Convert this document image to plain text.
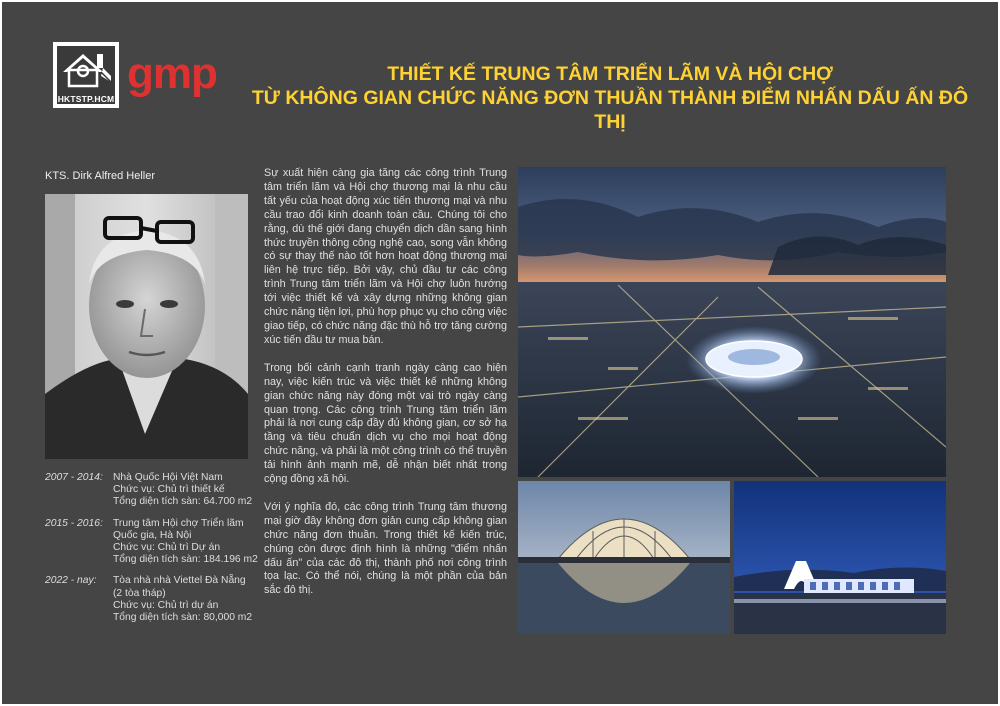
HKTSTP.HCM
gmp	THIẾT KẾ TRUNG TÂM TRIỂN LÃM VÀ HỘI CHỢ
TỪ KHÔNG GIAN CHỨC NĂNG ĐƠN THUẦN THÀNH ĐIỂM NHẤN DẤU ẤN ĐÔ THỊ
KTS. Dirk Alfred Heller
2007 - 2014: Nhà Quốc Hội Việt Nam
Chức vụ: Chủ trì thiết kế
Tổng diện tích sàn: 64.700 m2
2015 - 2016: Trung tâm Hội chợ Triển lãm
Quốc gia, Hà Nội
Chức vụ: Chủ trì Dự án
Tổng diện tích sàn: 184.196 m2
2022 - nay:	Tòa nhà nhà Viettel Đà Nẵng
(2 tòa tháp)
Chức vụ: Chủ trì dự án
Tổng diện tích sàn: 80,000 m2

Sự xuất hiện càng gia tăng các công trình Trung tâm triển lãm và Hội chợ thương mại là nhu cầu tất yếu của hoạt động xúc tiến thương mại và nhu cầu trao đổi kinh doanh toàn cầu. Chúng tôi cho rằng, dù thế giới đang chuyển dịch dần sang hình thức truyền thông công nghệ cao, song vẫn không có sự thay thế nào tốt hơn hoạt động thương mại liên hệ trực tiếp. Bởi vậy, chủ đầu tư các công trình Trung tâm triển lãm và Hội chợ luôn hướng tới việc thiết kế và xây dựng những không gian chức năng tiện lợi, phù hợp phục vụ cho công việc giao tiếp, có chức năng đặc thù hỗ trợ tăng cường xúc tiến đầu tư mua bán.

Trong bối cảnh cạnh tranh ngày càng cao hiện nay, việc kiến trúc và việc thiết kế những không gian chức năng này đóng một vai trò ngày càng quan trọng. Các công trình Trung tâm triển lãm phải là nơi cung cấp đầy đủ không gian, cơ sở hạ tầng và tiêu chuẩn dịch vụ cho mọi hoạt động chức năng, và phải là một công trình có thể truyền tải hình ảnh mạnh mẽ, dễ nhận biết nhất trong cộng đồng xã hội.

Với ý nghĩa đó, các công trình Trung tâm thương mại giờ đây không đơn giản cung cấp không gian chức năng đơn thuần. Trong thiết kế kiến trúc, chúng còn được định hình là những "điểm nhấn dấu ấn" của các đô thị, thành phố nơi công trình tọa lạc. Có thể nói, chúng là một phần của bản sắc đô thị.
